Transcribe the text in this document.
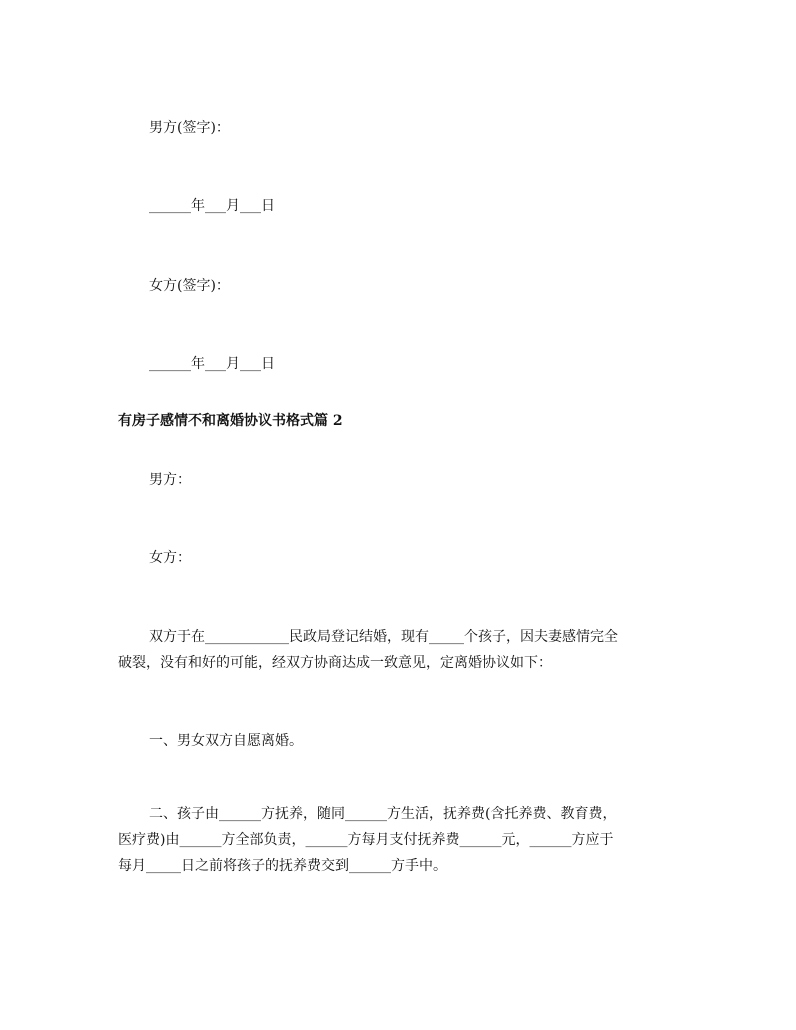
男方(签字)：
______年___月___日
女方(签字)：
______年___月___日
有房子感情不和离婚协议书格式篇 2
男方：
女方：
双方于在____________民政局登记结婚，现有_____个孩子，因夫妻感情完全
破裂，没有和好的可能，经双方协商达成一致意见，定离婚协议如下：
一、男女双方自愿离婚。
二、孩子由______方抚养，随同______方生活，抚养费(含托养费、教育费，
医疗费)由______方全部负责，______方每月支付抚养费______元，______方应于
每月_____日之前将孩子的抚养费交到______方手中。
